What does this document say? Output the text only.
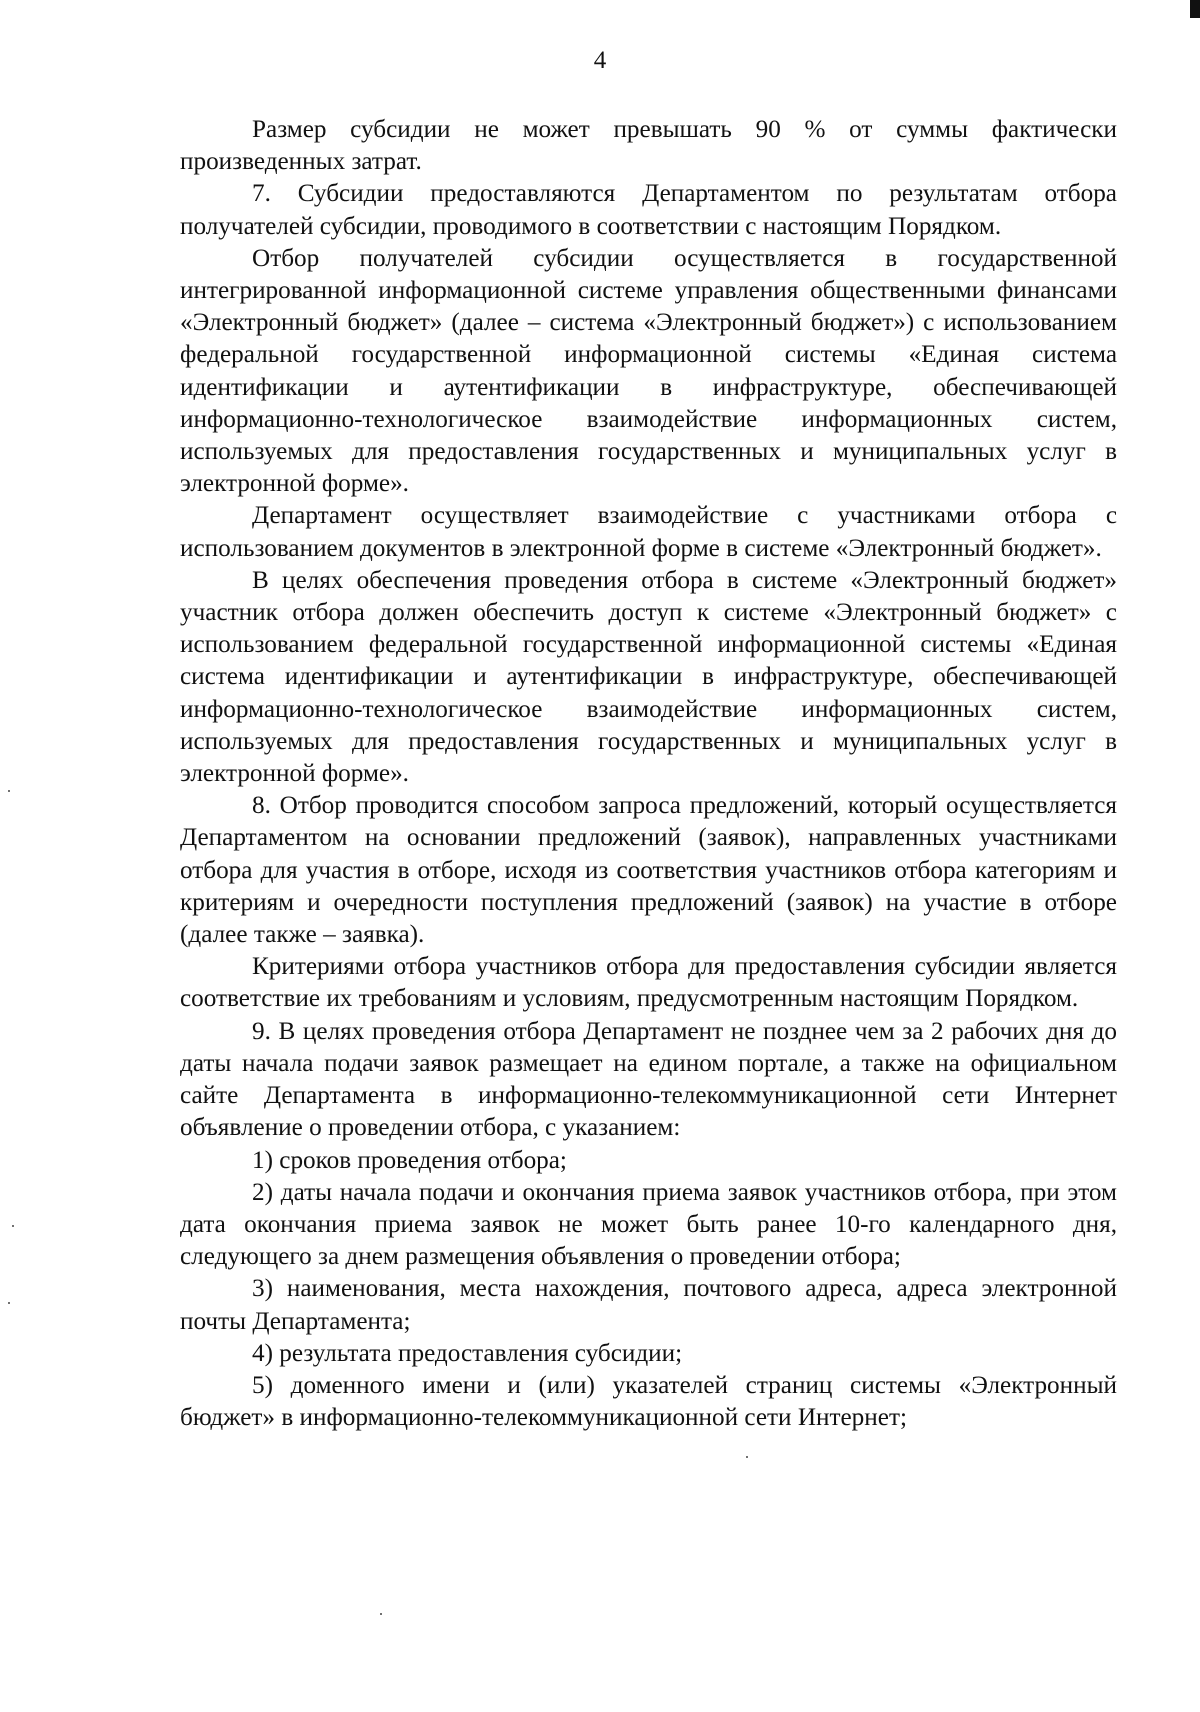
4

Размер субсидии не может превышать 90 % от суммы фактически произведенных затрат.

7. Субсидии предоставляются Департаментом по результатам отбора получателей субсидии, проводимого в соответствии с настоящим Порядком.

Отбор получателей субсидии осуществляется в государственной интегрированной информационной системе управления общественными финансами «Электронный бюджет» (далее – система «Электронный бюджет») с использованием федеральной государственной информационной системы «Единая система идентификации и аутентификации в инфраструктуре, обеспечивающей информационно-технологическое взаимодействие информационных систем, используемых для предоставления государственных и муниципальных услуг в электронной форме».

Департамент осуществляет взаимодействие с участниками отбора с использованием документов в электронной форме в системе «Электронный бюджет».

В целях обеспечения проведения отбора в системе «Электронный бюджет» участник отбора должен обеспечить доступ к системе «Электронный бюджет» с использованием федеральной государственной информационной системы «Единая система идентификации и аутентификации в инфраструктуре, обеспечивающей информационно-технологическое взаимодействие информационных систем, используемых для предоставления государственных и муниципальных услуг в электронной форме».

8. Отбор проводится способом запроса предложений, который осуществляется Департаментом на основании предложений (заявок), направленных участниками отбора для участия в отборе, исходя из соответствия участников отбора категориям и критериям и очередности поступления предложений (заявок) на участие в отборе (далее также – заявка).

Критериями отбора участников отбора для предоставления субсидии является соответствие их требованиям и условиям, предусмотренным настоящим Порядком.

9. В целях проведения отбора Департамент не позднее чем за 2 рабочих дня до даты начала подачи заявок размещает на едином портале, а также на официальном сайте Департамента в информационно-телекоммуникационной сети Интернет объявление о проведении отбора, с указанием:

1) сроков проведения отбора;

2) даты начала подачи и окончания приема заявок участников отбора, при этом дата окончания приема заявок не может быть ранее 10-го календарного дня, следующего за днем размещения объявления о проведении отбора;

3) наименования, места нахождения, почтового адреса, адреса электронной почты Департамента;

4) результата предоставления субсидии;

5) доменного имени и (или) указателей страниц системы «Электронный бюджет» в информационно-телекоммуникационной сети Интернет;
